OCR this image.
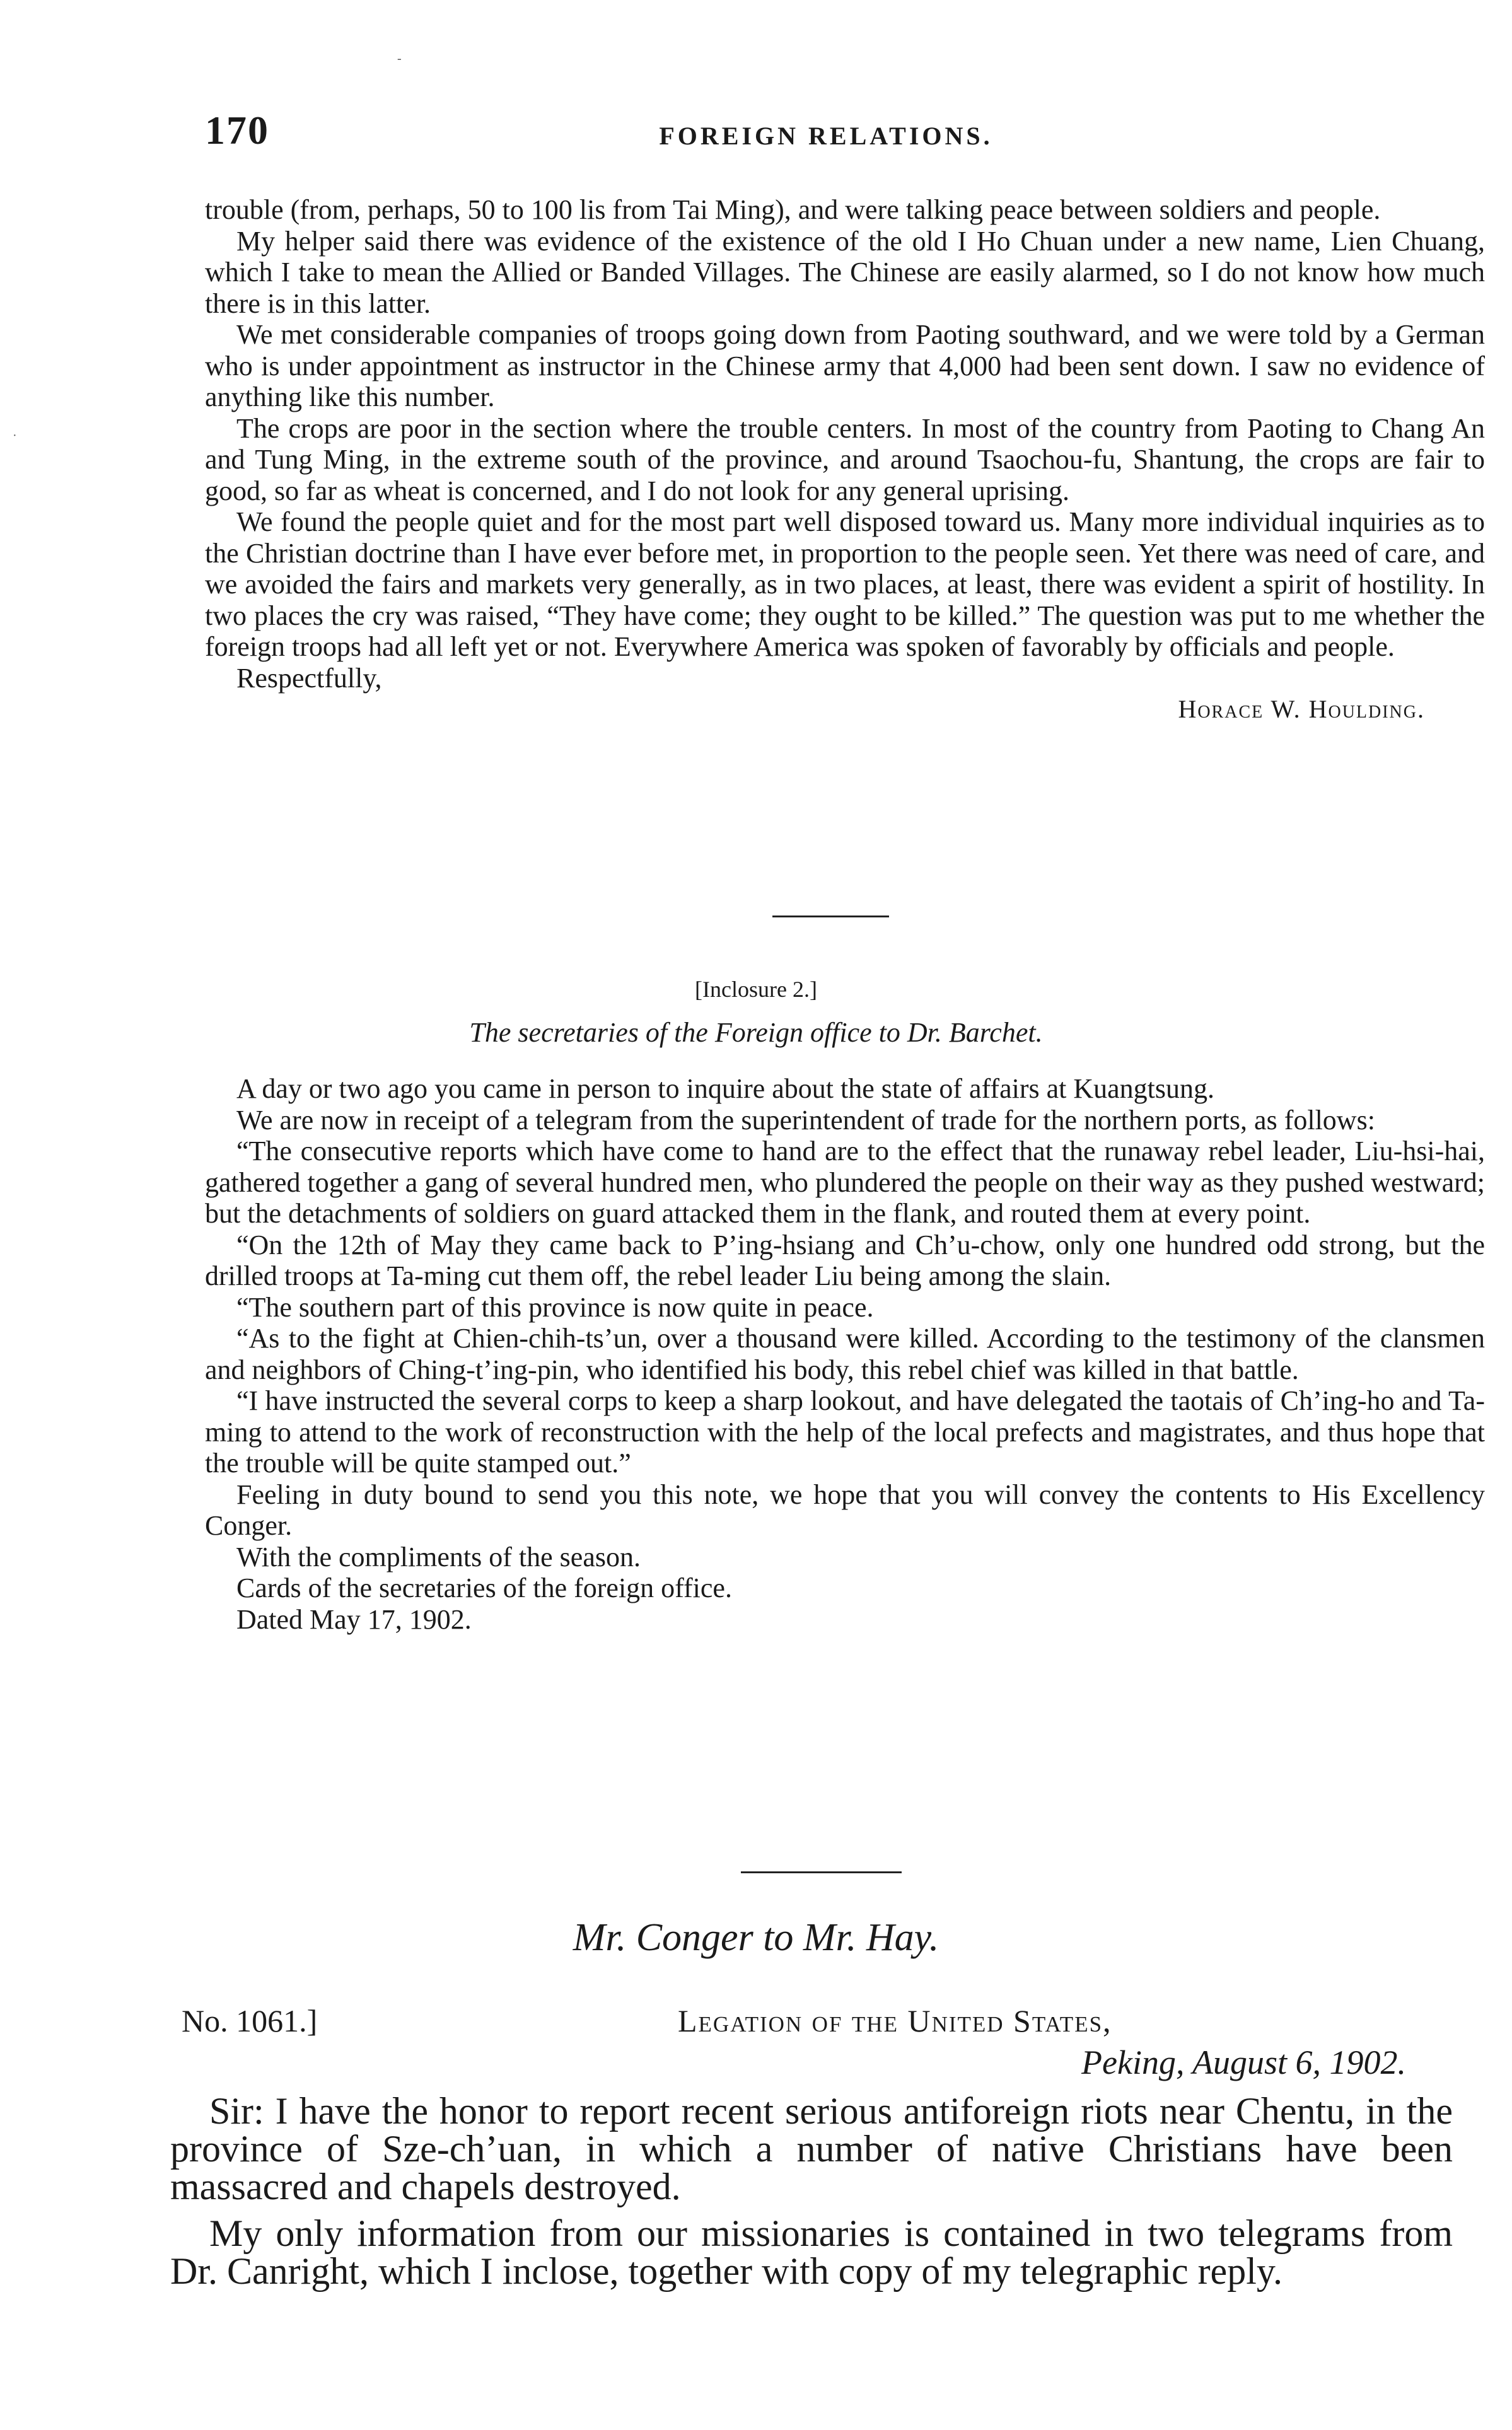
-
·
170	FOREIGN RELATIONS.

trouble (from, perhaps, 50 to 100 lis from Tai Ming), and were talking peace between soldiers and people.

My helper said there was evidence of the existence of the old I Ho Chuan under a new name, Lien Chuang, which I take to mean the Allied or Banded Villages. The Chinese are easily alarmed, so I do not know how much there is in this latter.

We met considerable companies of troops going down from Paoting southward, and we were told by a German who is under appointment as instructor in the Chinese army that 4,000 had been sent down. I saw no evidence of anything like this number.

The crops are poor in the section where the trouble centers. In most of the country from Paoting to Chang An and Tung Ming, in the extreme south of the province, and around Tsaochou-fu, Shantung, the crops are fair to good, so far as wheat is concerned, and I do not look for any general uprising.

We found the people quiet and for the most part well disposed toward us. Many more individual inquiries as to the Christian doctrine than I have ever before met, in proportion to the people seen. Yet there was need of care, and we avoided the fairs and markets very generally, as in two places, at least, there was evident a spirit of hostility. In two places the cry was raised, “They have come; they ought to be killed.” The question was put to me whether the foreign troops had all left yet or not. Everywhere America was spoken of favorably by officials and people.

Respectfully,

Horace W. Houlding.

[Inclosure 2.]
The secretaries of the Foreign office to Dr. Barchet.

A day or two ago you came in person to inquire about the state of affairs at Kuangtsung.

We are now in receipt of a telegram from the superintendent of trade for the northern ports, as follows:

“The consecutive reports which have come to hand are to the effect that the runaway rebel leader, Liu-hsi-hai, gathered together a gang of several hundred men, who plundered the people on their way as they pushed westward; but the detachments of soldiers on guard attacked them in the flank, and routed them at every point.

“On the 12th of May they came back to P’ing-hsiang and Ch’u-chow, only one hundred odd strong, but the drilled troops at Ta-ming cut them off, the rebel leader Liu being among the slain.

“The southern part of this province is now quite in peace.

“As to the fight at Chien-chih-ts’un, over a thousand were killed. According to the testimony of the clansmen and neighbors of Ching-t’ing-pin, who identified his body, this rebel chief was killed in that battle.

“I have instructed the several corps to keep a sharp lookout, and have delegated the taotais of Ch’ing-ho and Ta-ming to attend to the work of reconstruction with the help of the local prefects and magistrates, and thus hope that the trouble will be quite stamped out.”

Feeling in duty bound to send you this note, we hope that you will convey the contents to His Excellency Conger.

With the compliments of the season.

Cards of the secretaries of the foreign office.

Dated May 17, 1902.

Mr. Conger to Mr. Hay.
No. 1061.]	Legation of the United States,
Peking, August 6, 1902.

Sir: I have the honor to report recent serious antiforeign riots near Chentu, in the province of Sze-ch’uan, in which a number of native Christians have been massacred and chapels destroyed.

My only information from our missionaries is contained in two telegrams from Dr. Canright, which I inclose, together with copy of my telegraphic reply.
